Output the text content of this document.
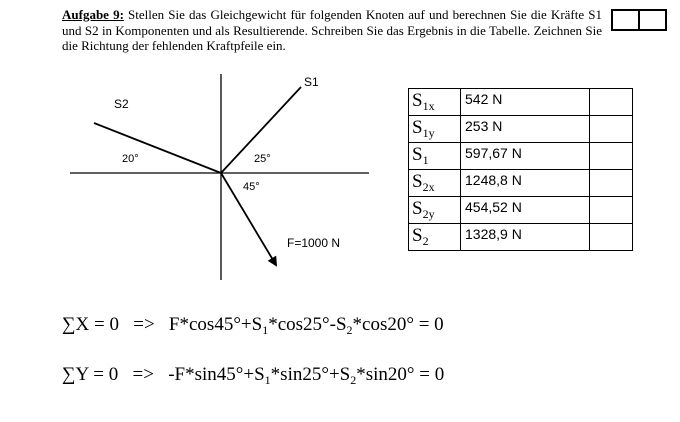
Aufgabe 9: Stellen Sie das Gleichgewicht für folgenden Knoten auf und berechnen Sie die Kräfte S1 und S2 in Komponenten und als Resultierende. Schreiben Sie das Ergebnis in die Tabelle. Zeichnen Sie die Richtung der fehlenden Kraftpfeile ein.
S2
S1
F=1000 N
20°	25°
45°
$S_{1x}$	542 N	
$S_{1y}$	253 N	
$S_1$	597,67 N	
$S_{2x}$	1248,8 N	
$S_{2y}$	454,52 N	
$S_2$	1328,9 N	
$\sum X = 0 => F*\cos 45^\circ+S_1*\cos 25^\circ-S_2*\cos 20^\circ = 0$
$\sum Y = 0 => -F*\sin 45^\circ+S_1*\sin 25^\circ+S_2*\sin 20^\circ = 0$
